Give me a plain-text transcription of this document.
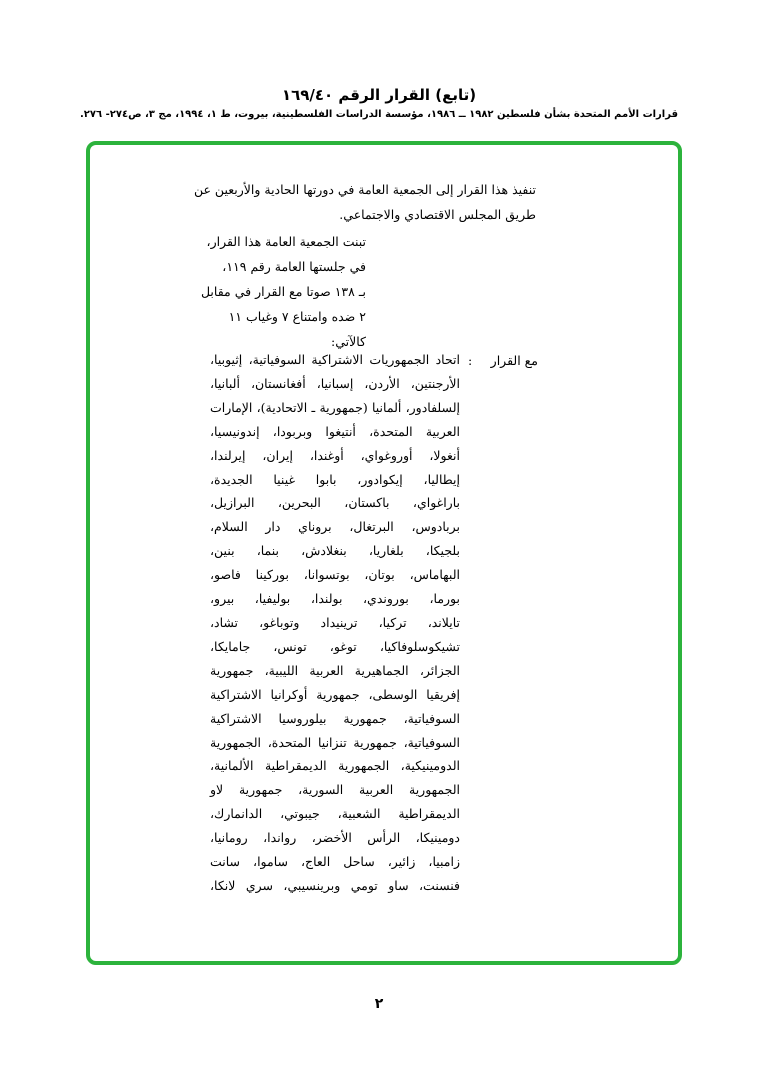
(تابع) القرار الرقم ١٦٩/٤٠
قرارات الأمم المتحدة بشأن فلسطين ١٩٨٢ ــ ١٩٨٦، مؤسسة الدراسات الفلسطينية، بيروت، ط ١، ١٩٩٤، مج ٣، ص٢٧٤- ٢٧٦.
تنفيذ هذا القرار إلى الجمعية العامة في دورتها الحادية والأربعين عن طريق المجلس الاقتصادي والاجتماعي.
تبنت الجمعية العامة هذا القرار،
في جلستها العامة رقم ١١٩،
بـ ١٣٨ صوتا مع القرار في مقابل
٢ ضده وامتناع ٧ وغياب ١١
كالآتي:
مع القرار
:
اتحاد الجمهوريات الاشتراكية السوفياتية، إثيوبيا،
الأرجنتين، الأردن، إسبانيا، أفغانستان، ألبانيا،
إلسلفادور، ألمانيا (جمهورية ـ الاتحادية)، الإمارات
العربية المتحدة، أنتيغوا وبربودا، إندونيسيا،
أنغولا، أوروغواي، أوغندا، إيران، إيرلندا،
إيطاليا، إيكوادور، بابوا غينيا الجديدة،
باراغواي، باكستان، البحرين، البرازيل،
بربادوس، البرتغال، بروناي دار السلام،
بلجيكا، بلغاريا، بنغلادش، بنما، بنين،
البهاماس، بوتان، بوتسوانا، بوركينا فاصو،
بورما، بوروندي، بولندا، بوليفيا، بيرو،
تايلاند، تركيا، ترينيداد وتوباغو، تشاد،
تشيكوسلوفاكيا، توغو، تونس، جامايكا،
الجزائر، الجماهيرية العربية الليبية، جمهورية
إفريقيا الوسطى، جمهورية أوكرانيا الاشتراكية
السوفياتية، جمهورية بيلوروسيا الاشتراكية
السوفياتية، جمهورية تنزانيا المتحدة، الجمهورية
الدومينيكية، الجمهورية الديمقراطية الألمانية،
الجمهورية العربية السورية، جمهورية لاو
الديمقراطية الشعبية، جيبوتي، الدانمارك،
دومينيكا، الرأس الأخضر، رواندا، رومانيا،
زامبيا، زائير، ساحل العاج، ساموا، سانت
فنسنت، ساو تومي وبرينسيبي، سري لانكا،
٢
